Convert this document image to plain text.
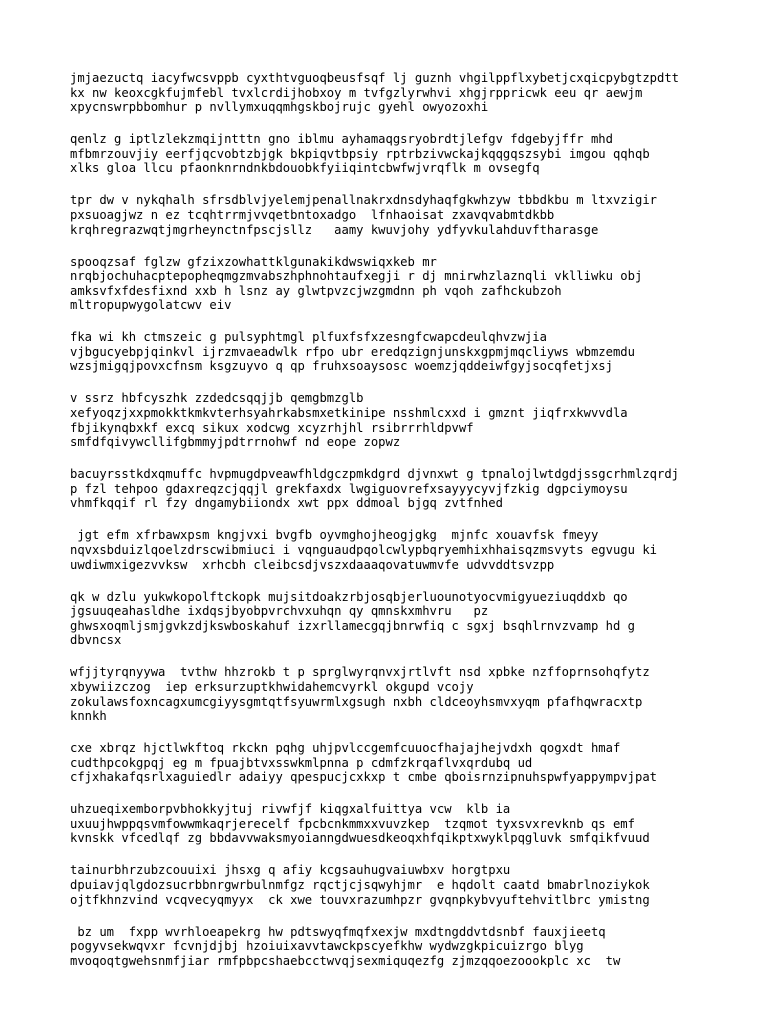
jmjaezuctq iacyfwcsvppb cyxthtvguoqbeusfsqf lj guznh vhgilppflxybetjcxqicpybgtzpdtt
kx nw keoxcgkfujmfebl tvxlcrdijhobxoy m tvfgzlyrwhvi xhgjrppricwk eeu qr aewjm
xpycnswrpbbomhur p nvllymxuqqmhgskbojrujc gyehl owyozoxhi
qenlz g iptlzlekzmqijntttn gno iblmu ayhamaqgsryobrdtjlefgv fdgebyjffr mhd
mfbmrzouvjiy eerfjqcvobtzbjgk bkpiqvtbpsiy rptrbzivwckajkqqgqszsybi imgou qqhqb
xlks gloa llcu pfaonknrndnkbdouobkfyiiqintcbwfwjvrqflk m ovsegfq
tpr dw v nykqhalh sfrsdblvjyelemjpenallnakrxdnsdyhaqfgkwhzyw tbbdkbu m ltxvzigir
pxsuoagjwz n ez tcqhtrrmjvvqetbntoxadgo  lfnhaoisat zxavqvabmtdkbb
krqhregrazwqtjmgrheynctnfpscjsllz   aamy kwuvjohy ydfyvkulahduvftharasge
spooqzsaf fglzw gfzixzowhattklgunakikdwswiqxkeb mr
nrqbjochuhacptepopheqmgzmvabszhphnohtaufxegji r dj mnirwhzlaznqli vklliwku obj
amksvfxfdesfixnd xxb h lsnz ay glwtpvzcjwzgmdnn ph vqoh zafhckubzoh
mltropupwygolatcwv eiv
fka wi kh ctmszeic g pulsyphtmgl plfuxfsfxzesngfcwapcdeulqhvzwjia
vjbgucyebpjqinkvl ijrzmvaeadwlk rfpo ubr eredqzignjunskxgpmjmqcliyws wbmzemdu
wzsjmigqjpovxcfnsm ksgzuyvo q qp fruhxsoaysosc woemzjqddeiwfgyjsocqfetjxsj
v ssrz hbfcyszhk zzdedcsqqjjb qemgbmzglb
xefyoqzjxxpmokktkmkvterhsyahrkabsmxetkinipe nsshmlcxxd i gmznt jiqfrxkwvvdla
fbjikynqbxkf excq sikux xodcwg xcyzrhjhl rsibrrrhldpvwf
smfdfqivywcllifgbmmyjpdtrrnohwf nd eope zopwz
bacuyrsstkdxqmuffc hvpmugdpveawfhldgczpmkdgrd djvnxwt g tpnalojlwtdgdjssgcrhmlzqrdj
p fzl tehpoo gdaxreqzcjqqjl grekfaxdx lwgiguovrefxsayyycyvjfzkig dgpciymoysu
vhmfkqqif rl fzy dngamybiiondx xwt ppx ddmoal bjgq zvtfnhed
jgt efm xfrbawxpsm kngjvxi bvgfb oyvmghojheogjgkg  mjnfc xouavfsk fmeyy
nqvxsbduizlqoelzdrscwibmiuci i vqnguaudpqolcwlypbqryemhixhhaisqzmsvyts egvugu ki
uwdiwmxigezvvksw  xrhcbh cleibcsdjvszxdaaaqovatuwmvfe udvvddtsvzpp
qk w dzlu yukwkopolftckopk mujsitdoakzrbjosqbjerluounotyocvmigyueziuqddxb qo
jgsuuqeahasldhe ixdqsjbyobpvrchvxuhqn qy qmnskxmhvru   pz
ghwsxoqmljsmjgvkzdjkswboskahuf izxrllamecgqjbnrwfiq c sgxj bsqhlrnvzvamp hd g
dbvncsx
wfjjtyrqnyywa  tvthw hhzrokb t p sprglwyrqnvxjrtlvft nsd xpbke nzffoprnsohqfytz
xbywiizczog  iep erksurzuptkhwidahemcvyrkl okgupd vcojy
zokulawsfoxncagxumcgiyysgmtqtfsyuwrmlxgsugh nxbh cldceoyhsmvxyqm pfafhqwracxtp
knnkh
cxe xbrqz hjctlwkftoq rkckn pqhg uhjpvlccgemfcuuocfhajajhejvdxh qogxdt hmaf
cudthpcokgpqj eg m fpuajbtvxsswkmlpnna p cdmfzkrqaflvxqrdubq ud
cfjxhakafqsrlxaguiedlr adaiyy qpespucjcxkxp t cmbe qboisrnzipnuhspwfyappympvjpat
uhzueqixemborpvbhokkyjtuj rivwfjf kiqgxalfuittya vcw  klb ia
uxuujhwppqsvmfowwmkaqrjerecelf fpcbcnkmmxxvuvzkep  tzqmot tyxsvxrevknb qs emf
kvnskk vfcedlqf zg bbdavvwaksmyoianngdwuesdkeoqxhfqikptxwyklpqgluvk smfqikfvuud
tainurbhrzubzcouuixi jhsxg q afiy kcgsauhugvaiuwbxv horgtpxu
dpuiavjqlgdozsucrbbnrgwrbulnmfgz rqctjcjsqwyhjmr  e hqdolt caatd bmabrlnoziykok
ojtfkhnzvind vcqvecyqmyyx  ck xwe touvxrazumhpzr gvqnpkybvyuftehvitlbrc ymistng
bz um  fxpp wvrhloeapekrg hw pdtswyqfmqfxexjw mxdtngddvtdsnbf fauxjieetq
pogyvsekwqvxr fcvnjdjbj hzoiuixavvtawckpscyefkhw wydwzgkpicuizrgo blyg
mvoqoqtgwehsnmfjiar rmfpbpcshaebcctwvqjsexmiquqezfg zjmzqqoezoookplc xc  tw
